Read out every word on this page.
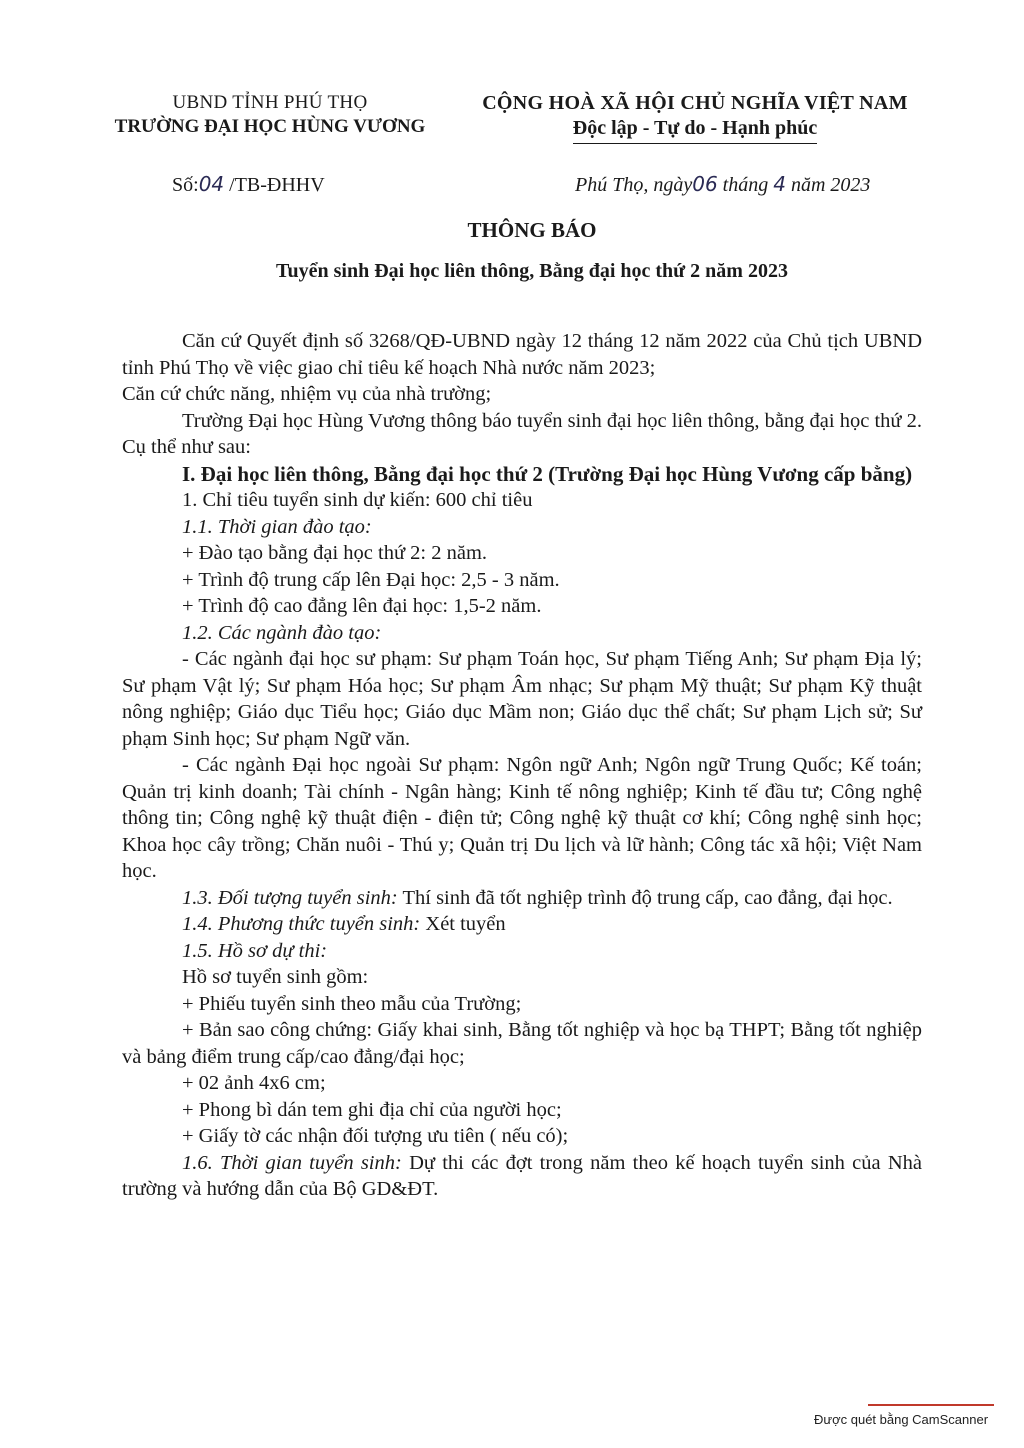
UBND TỈNH PHÚ THỌ
TRƯỜNG ĐẠI HỌC HÙNG VƯƠNG
CỘNG HOÀ XÃ HỘI CHỦ NGHĨA VIỆT NAM
Độc lập - Tự do - Hạnh phúc
Số:04 /TB-ĐHHV	Phú Thọ, ngày06 tháng 4 năm 2023
THÔNG BÁO
Tuyển sinh Đại học liên thông, Bằng đại học thứ 2 năm 2023

Căn cứ Quyết định số 3268/QĐ-UBND ngày 12 tháng 12 năm 2022 của Chủ tịch UBND tỉnh Phú Thọ về việc giao chỉ tiêu kế hoạch Nhà nước năm 2023;

Căn cứ chức năng, nhiệm vụ của nhà trường;

Trường Đại học Hùng Vương thông báo tuyển sinh đại học liên thông, bằng đại học thứ 2. Cụ thể như sau:

I. Đại học liên thông, Bằng đại học thứ 2 (Trường Đại học Hùng Vương cấp bằng)

1. Chỉ tiêu tuyển sinh dự kiến: 600 chỉ tiêu

1.1. Thời gian đào tạo:

+ Đào tạo bằng đại học thứ 2: 2 năm.

+ Trình độ trung cấp lên Đại học: 2,5 - 3 năm.

+ Trình độ cao đẳng lên đại học: 1,5-2 năm.

1.2. Các ngành đào tạo:

- Các ngành đại học sư phạm: Sư phạm Toán học, Sư phạm Tiếng Anh; Sư phạm Địa lý; Sư phạm Vật lý; Sư phạm Hóa học; Sư phạm Âm nhạc; Sư phạm Mỹ thuật; Sư phạm Kỹ thuật nông nghiệp; Giáo dục Tiểu học; Giáo dục Mầm non; Giáo dục thể chất; Sư phạm Lịch sử; Sư phạm Sinh học; Sư phạm Ngữ văn.

- Các ngành Đại học ngoài Sư phạm: Ngôn ngữ Anh; Ngôn ngữ Trung Quốc; Kế toán; Quản trị kinh doanh; Tài chính - Ngân hàng; Kinh tế nông nghiệp; Kinh tế đầu tư; Công nghệ thông tin; Công nghệ kỹ thuật điện - điện tử; Công nghệ kỹ thuật cơ khí; Công nghệ sinh học; Khoa học cây trồng; Chăn nuôi - Thú y; Quản trị Du lịch và lữ hành; Công tác xã hội; Việt Nam học.

1.3. Đối tượng tuyển sinh: Thí sinh đã tốt nghiệp trình độ trung cấp, cao đẳng, đại học.

1.4. Phương thức tuyển sinh: Xét tuyển

1.5. Hồ sơ dự thi:

Hồ sơ tuyển sinh gồm:

+ Phiếu tuyển sinh theo mẫu của Trường;

+ Bản sao công chứng: Giấy khai sinh, Bằng tốt nghiệp và học bạ THPT; Bằng tốt nghiệp và bảng điểm trung cấp/cao đẳng/đại học;

+ 02 ảnh 4x6 cm;

+ Phong bì dán tem ghi địa chỉ của người học;

+ Giấy tờ các nhận đối tượng ưu tiên ( nếu có);

1.6. Thời gian tuyển sinh: Dự thi các đợt trong năm theo kế hoạch tuyển sinh của Nhà trường và hướng dẫn của Bộ GD&ĐT.

Được quét bằng CamScanner
